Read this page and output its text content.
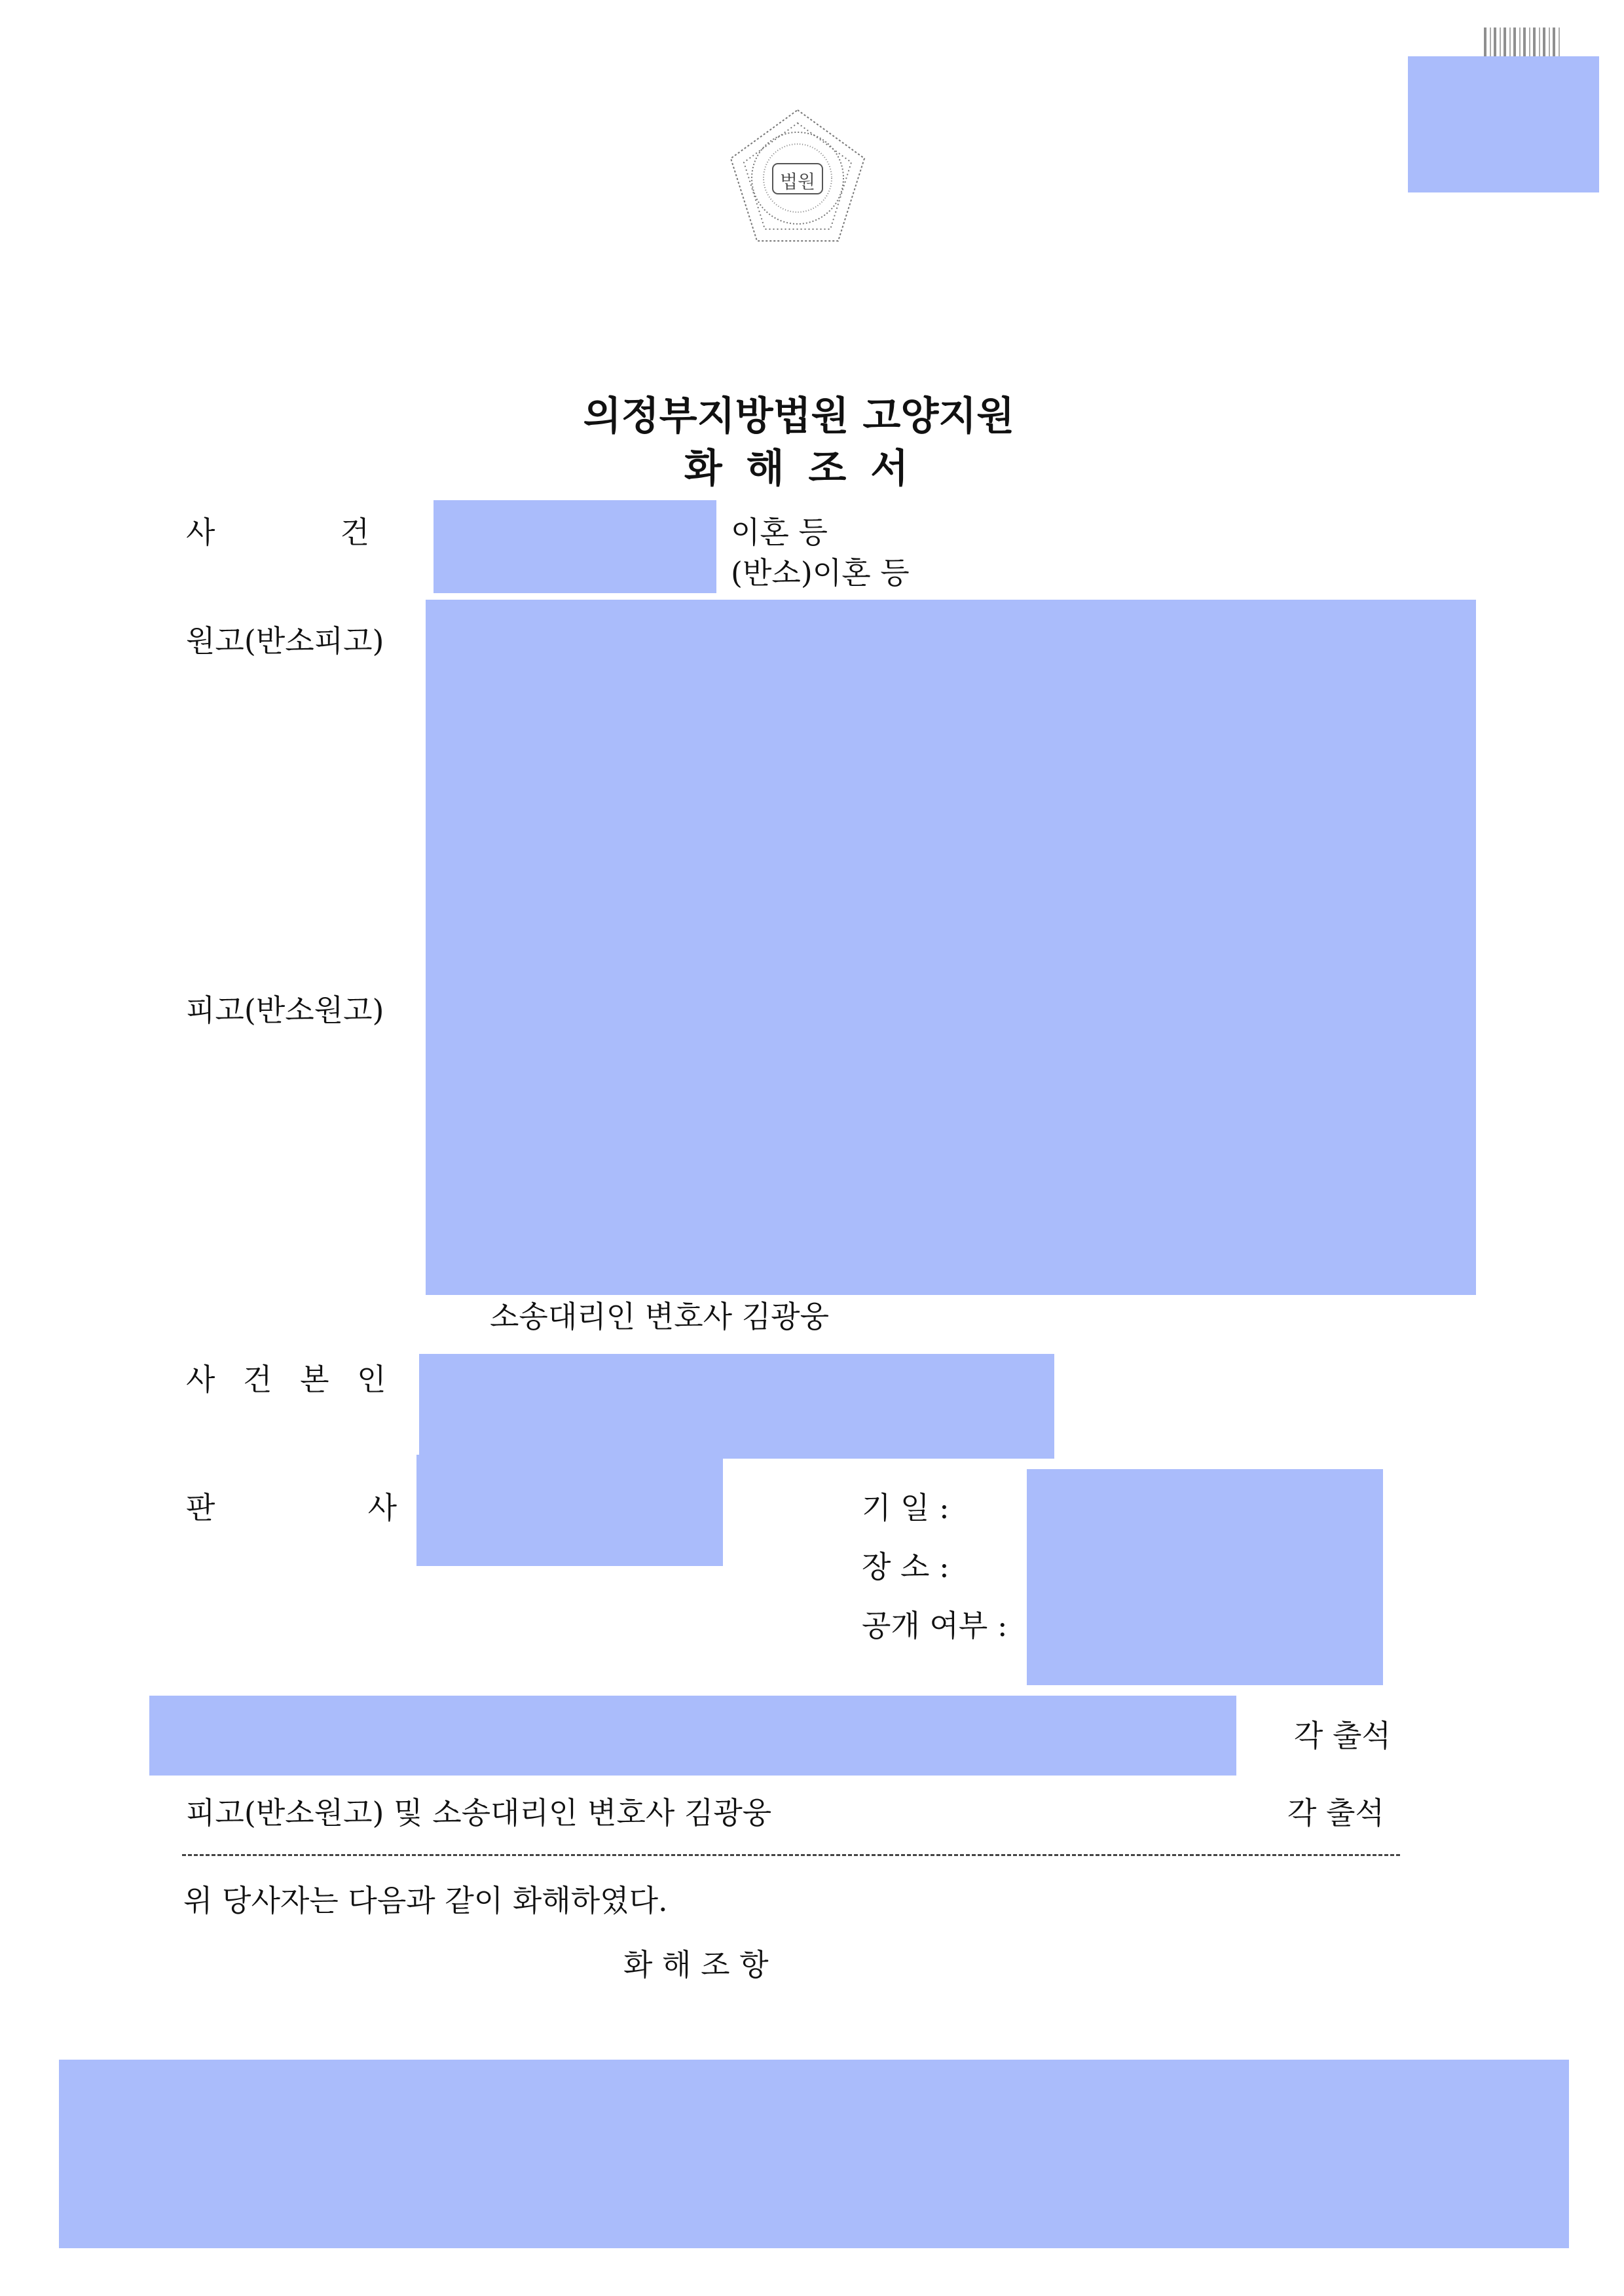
법원
의정부지방법원 고양지원
화 해 조 서
사	건	이혼 등
(반소)이혼 등
원고(반소피고)
피고(반소원고)
소송대리인 변호사 김광웅
사 건 본 인
판	사	기 일 :
장 소 :
공개 여부 :
각 출석
피고(반소원고) 및 소송대리인 변호사 김광웅	각 출석
위 당사자는 다음과 같이 화해하였다.
화 해 조 항
